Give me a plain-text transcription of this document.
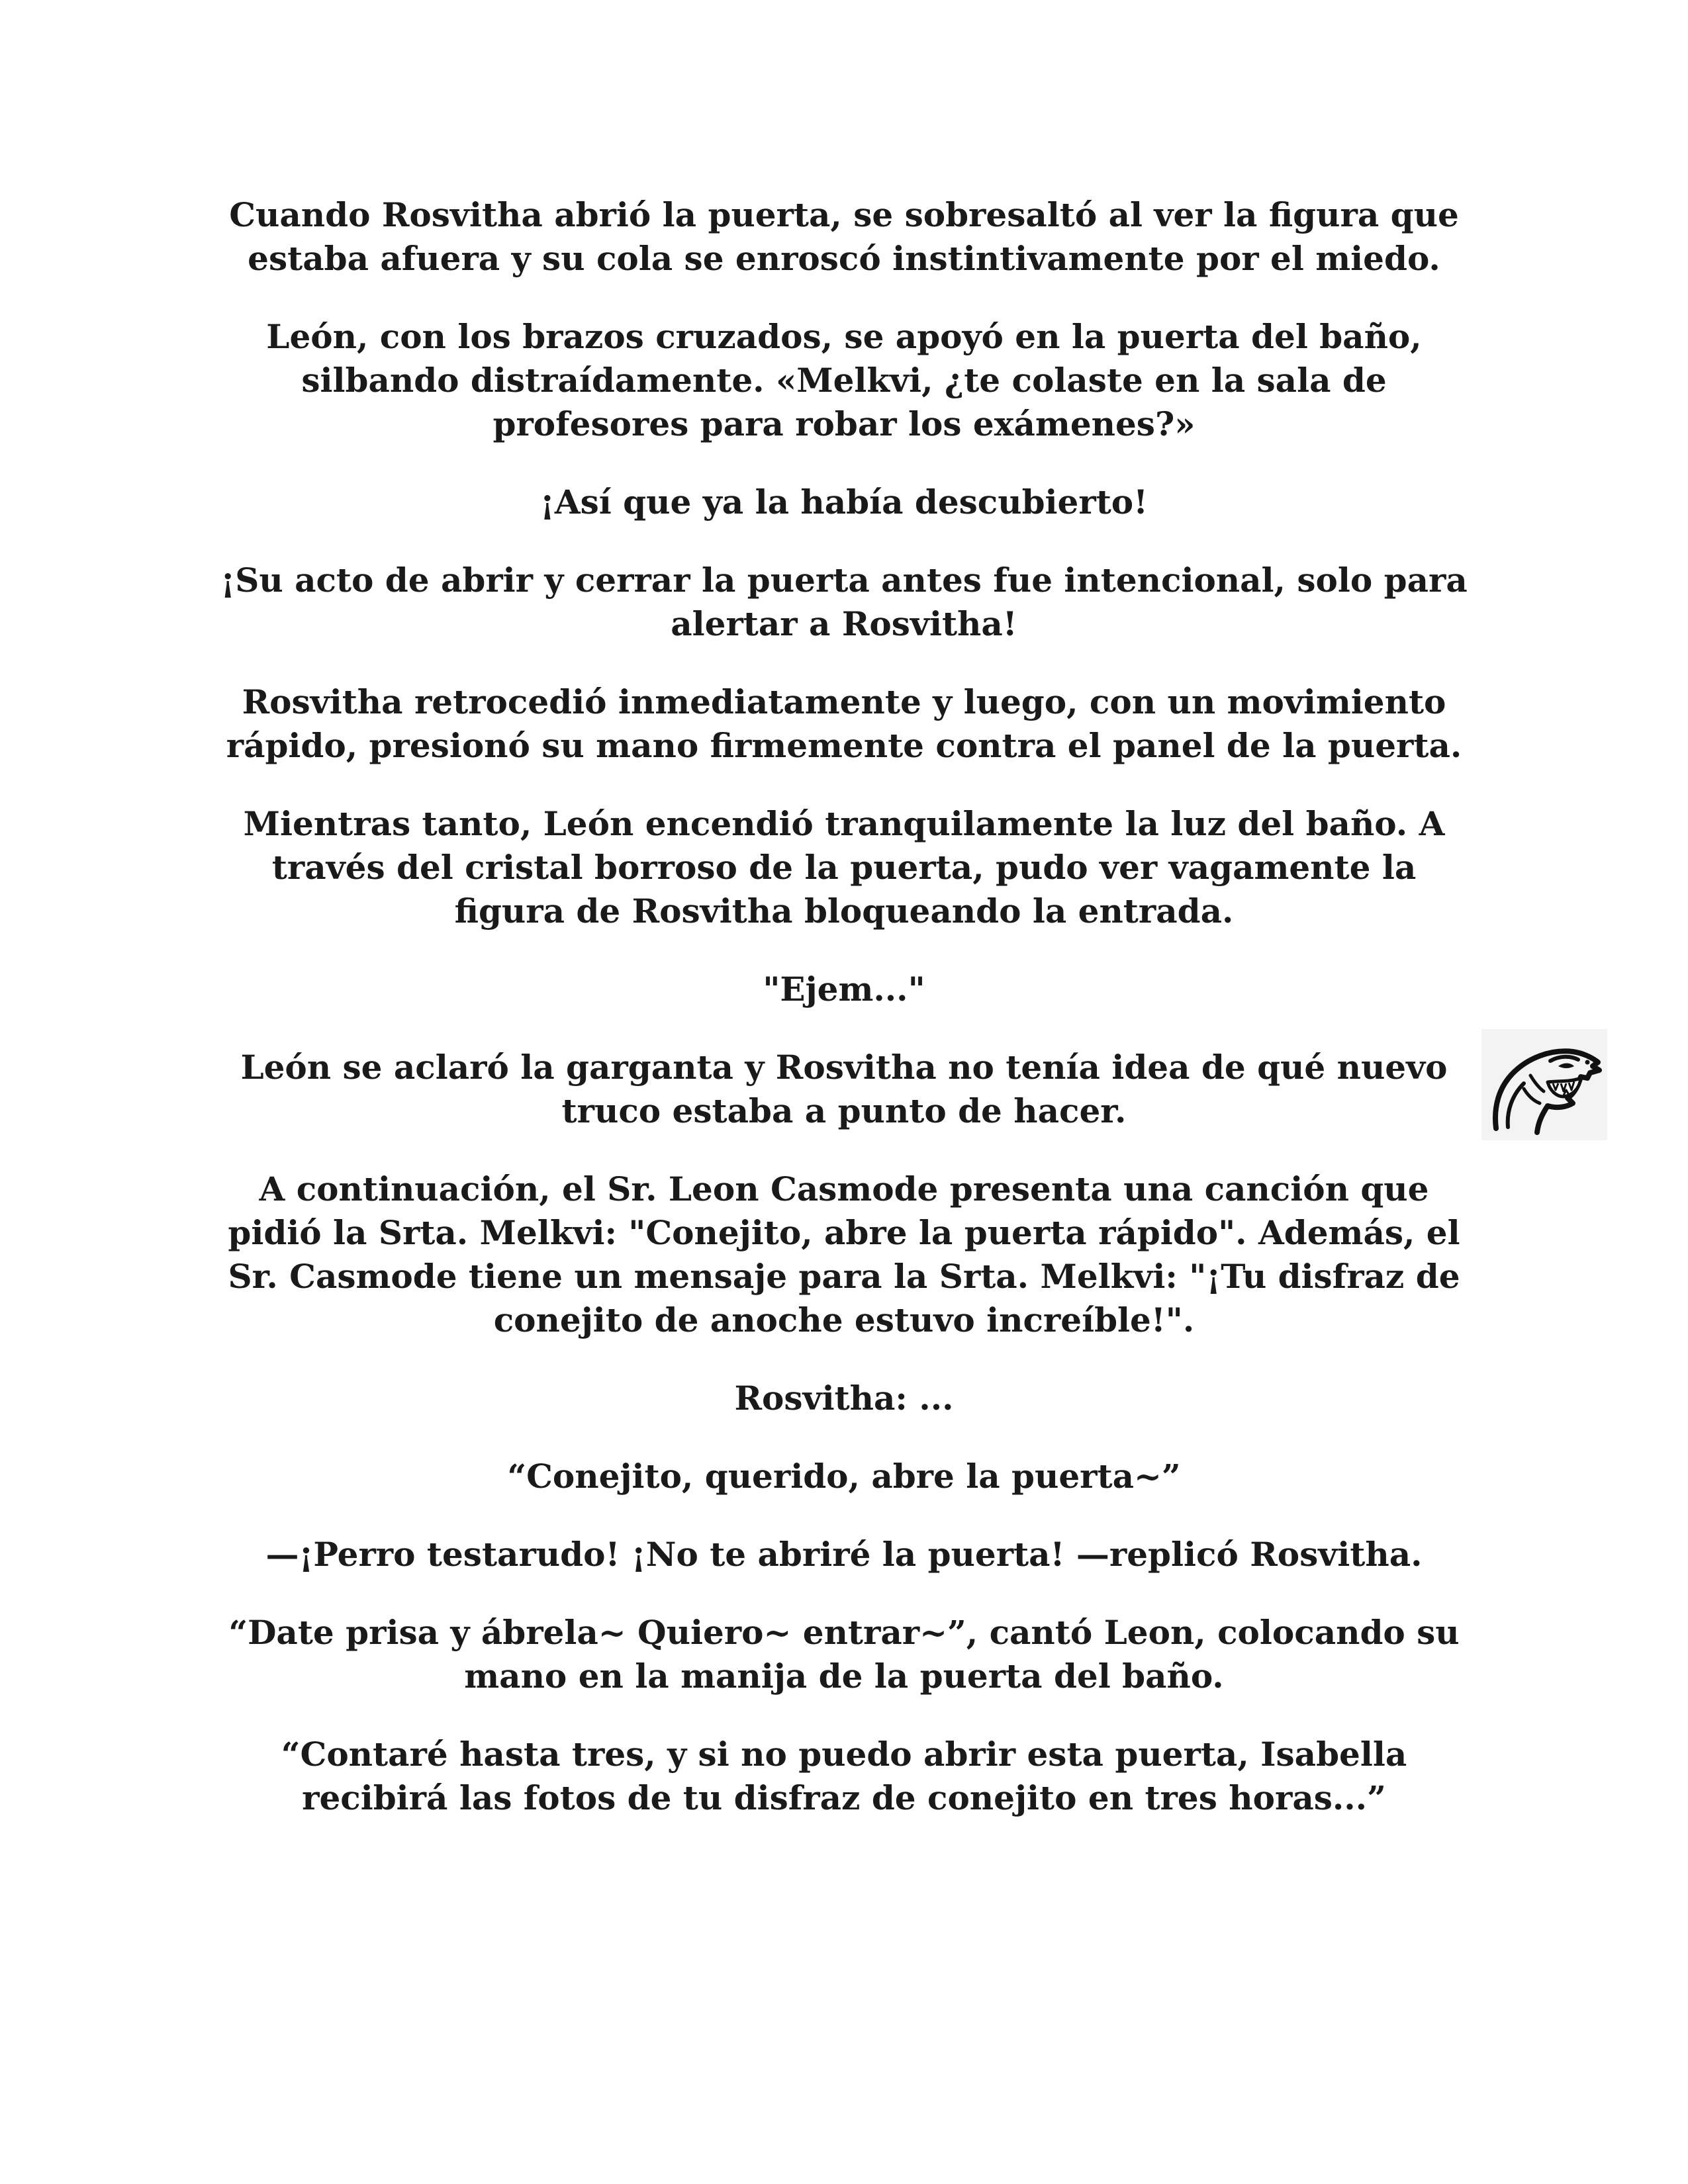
Cuando Rosvitha abrió la puerta, se sobresaltó al ver la figura que estaba afuera y su cola se enroscó instintivamente por el miedo.

León, con los brazos cruzados, se apoyó en la puerta del baño, silbando distraídamente. «Melkvi, ¿te colaste en la sala de profesores para robar los exámenes?»

¡Así que ya la había descubierto!

¡Su acto de abrir y cerrar la puerta antes fue intencional, solo para alertar a Rosvitha!

Rosvitha retrocedió inmediatamente y luego, con un movimiento rápido, presionó su mano firmemente contra el panel de la puerta.

Mientras tanto, León encendió tranquilamente la luz del baño. A través del cristal borroso de la puerta, pudo ver vagamente la figura de Rosvitha bloqueando la entrada.

"Ejem..."

León se aclaró la garganta y Rosvitha no tenía idea de qué nuevo truco estaba a punto de hacer.

A continuación, el Sr. Leon Casmode presenta una canción que pidió la Srta. Melkvi: "Conejito, abre la puerta rápido". Además, el Sr. Casmode tiene un mensaje para la Srta. Melkvi: "¡Tu disfraz de conejito de anoche estuvo increíble!".

Rosvitha: ...

“Conejito, querido, abre la puerta~”

—¡Perro testarudo! ¡No te abriré la puerta! —replicó Rosvitha.

“Date prisa y ábrela~ Quiero~ entrar~”, cantó Leon, colocando su mano en la manija de la puerta del baño.

“Contaré hasta tres, y si no puedo abrir esta puerta, Isabella recibirá las fotos de tu disfraz de conejito en tres horas...”
